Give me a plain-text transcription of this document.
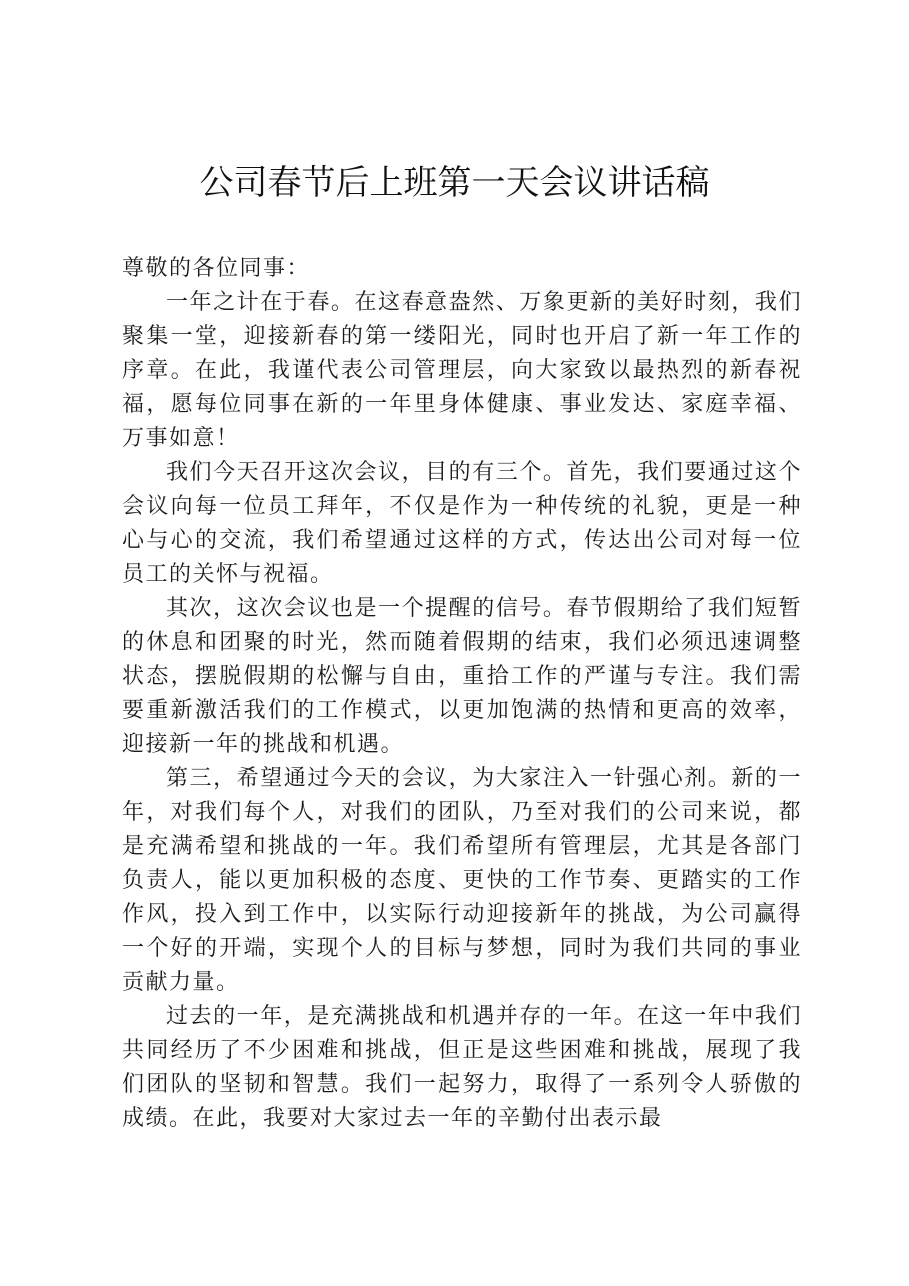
公司春节后上班第一天会议讲话稿

尊敬的各位同事：

一年之计在于春。在这春意盎然、万象更新的美好时刻，我们聚集一堂，迎接新春的第一缕阳光，同时也开启了新一年工作的序章。在此，我谨代表公司管理层，向大家致以最热烈的新春祝福，愿每位同事在新的一年里身体健康、事业发达、家庭幸福、万事如意！

我们今天召开这次会议，目的有三个。首先，我们要通过这个会议向每一位员工拜年，不仅是作为一种传统的礼貌，更是一种心与心的交流，我们希望通过这样的方式，传达出公司对每一位员工的关怀与祝福。

其次，这次会议也是一个提醒的信号。春节假期给了我们短暂的休息和团聚的时光，然而随着假期的结束，我们必须迅速调整状态，摆脱假期的松懈与自由，重拾工作的严谨与专注。我们需要重新激活我们的工作模式，以更加饱满的热情和更高的效率，迎接新一年的挑战和机遇。

第三，希望通过今天的会议，为大家注入一针强心剂。新的一年，对我们每个人，对我们的团队，乃至对我们的公司来说，都是充满希望和挑战的一年。我们希望所有管理层，尤其是各部门负责人，能以更加积极的态度、更快的工作节奏、更踏实的工作作风，投入到工作中，以实际行动迎接新年的挑战，为公司赢得一个好的开端，实现个人的目标与梦想，同时为我们共同的事业贡献力量。

过去的一年，是充满挑战和机遇并存的一年。在这一年中我们共同经历了不少困难和挑战，但正是这些困难和挑战，展现了我们团队的坚韧和智慧。我们一起努力，取得了一系列令人骄傲的成绩。在此，我要对大家过去一年的辛勤付出表示最
